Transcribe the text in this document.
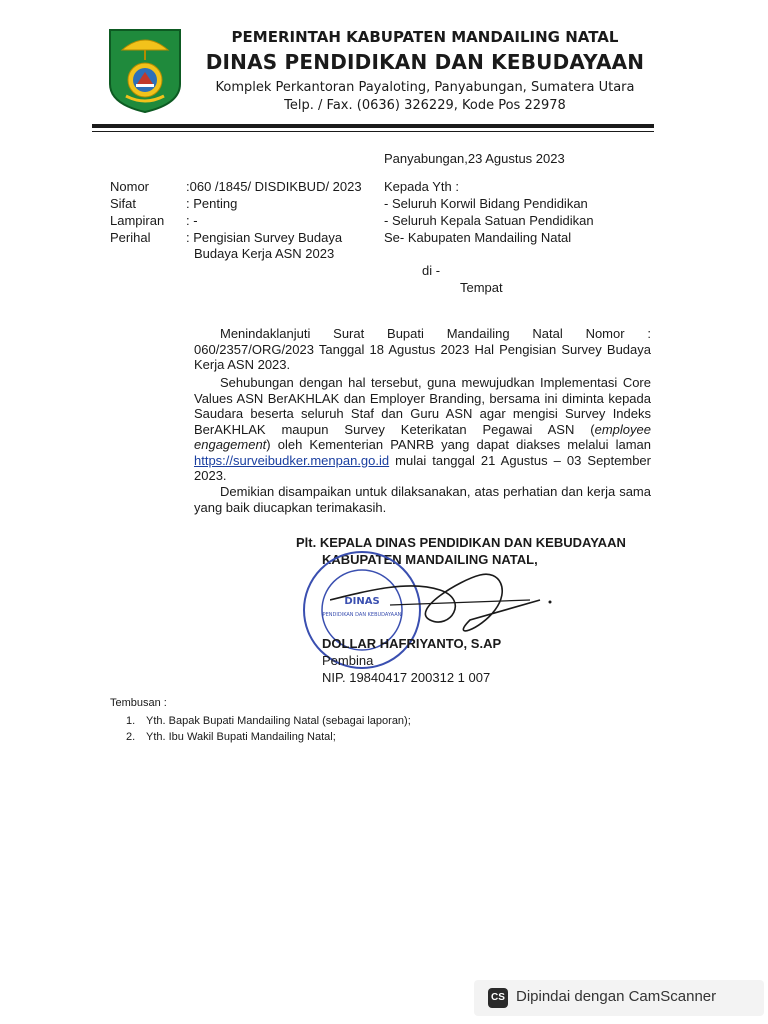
PEMERINTAH KABUPATEN MANDAILING NATAL
DINAS PENDIDIKAN DAN KEBUDAYAAN
Komplek Perkantoran Payaloting, Panyabungan, Sumatera Utara
Telp. / Fax. (0636) 326229, Kode Pos 22978
Panyabungan,23 Agustus 2023
Nomor	:060 /1845/ DISDIKBUD/ 2023
Sifat	: Penting
Lampiran : -
Perihal	: Pengisian Survey Budaya
Budaya Kerja ASN 2023
Kepada Yth :
- Seluruh Korwil Bidang Pendidikan
- Seluruh Kepala Satuan Pendidikan
Se- Kabupaten Mandailing Natal
di -
Tempat
Menindaklanjuti Surat Bupati Mandailing Natal Nomor : 060/2357/ORG/2023 Tanggal 18 Agustus 2023 Hal Pengisian Survey Budaya Kerja ASN 2023.
Sehubungan dengan hal tersebut, guna mewujudkan Implementasi Core Values ASN BerAKHLAK dan Employer Branding, bersama ini diminta kepada Saudara beserta seluruh Staf dan Guru ASN agar mengisi Survey Indeks BerAKHLAK maupun Survey Keterikatan Pegawai ASN (employee engagement) oleh Kementerian PANRB yang dapat diakses melalui laman https://surveibudker.menpan.go.id mulai tanggal 21 Agustus – 03 September 2023.
Demikian disampaikan untuk dilaksanakan, atas perhatian dan kerja sama yang baik diucapkan terimakasih.
Plt. KEPALA DINAS PENDIDIKAN DAN KEBUDAYAAN
KABUPATEN MANDAILING NATAL,
DINAS
PENDIDIKAN DAN KEBUDAYAAN
DOLLAR HAFRIYANTO, S.AP
Pembina
NIP. 19840417 200312 1 007
Tembusan :
1. Yth. Bapak Bupati Mandailing Natal (sebagai laporan);
2. Yth. Ibu Wakil Bupati Mandailing Natal;
CS Dipindai dengan CamScanner
